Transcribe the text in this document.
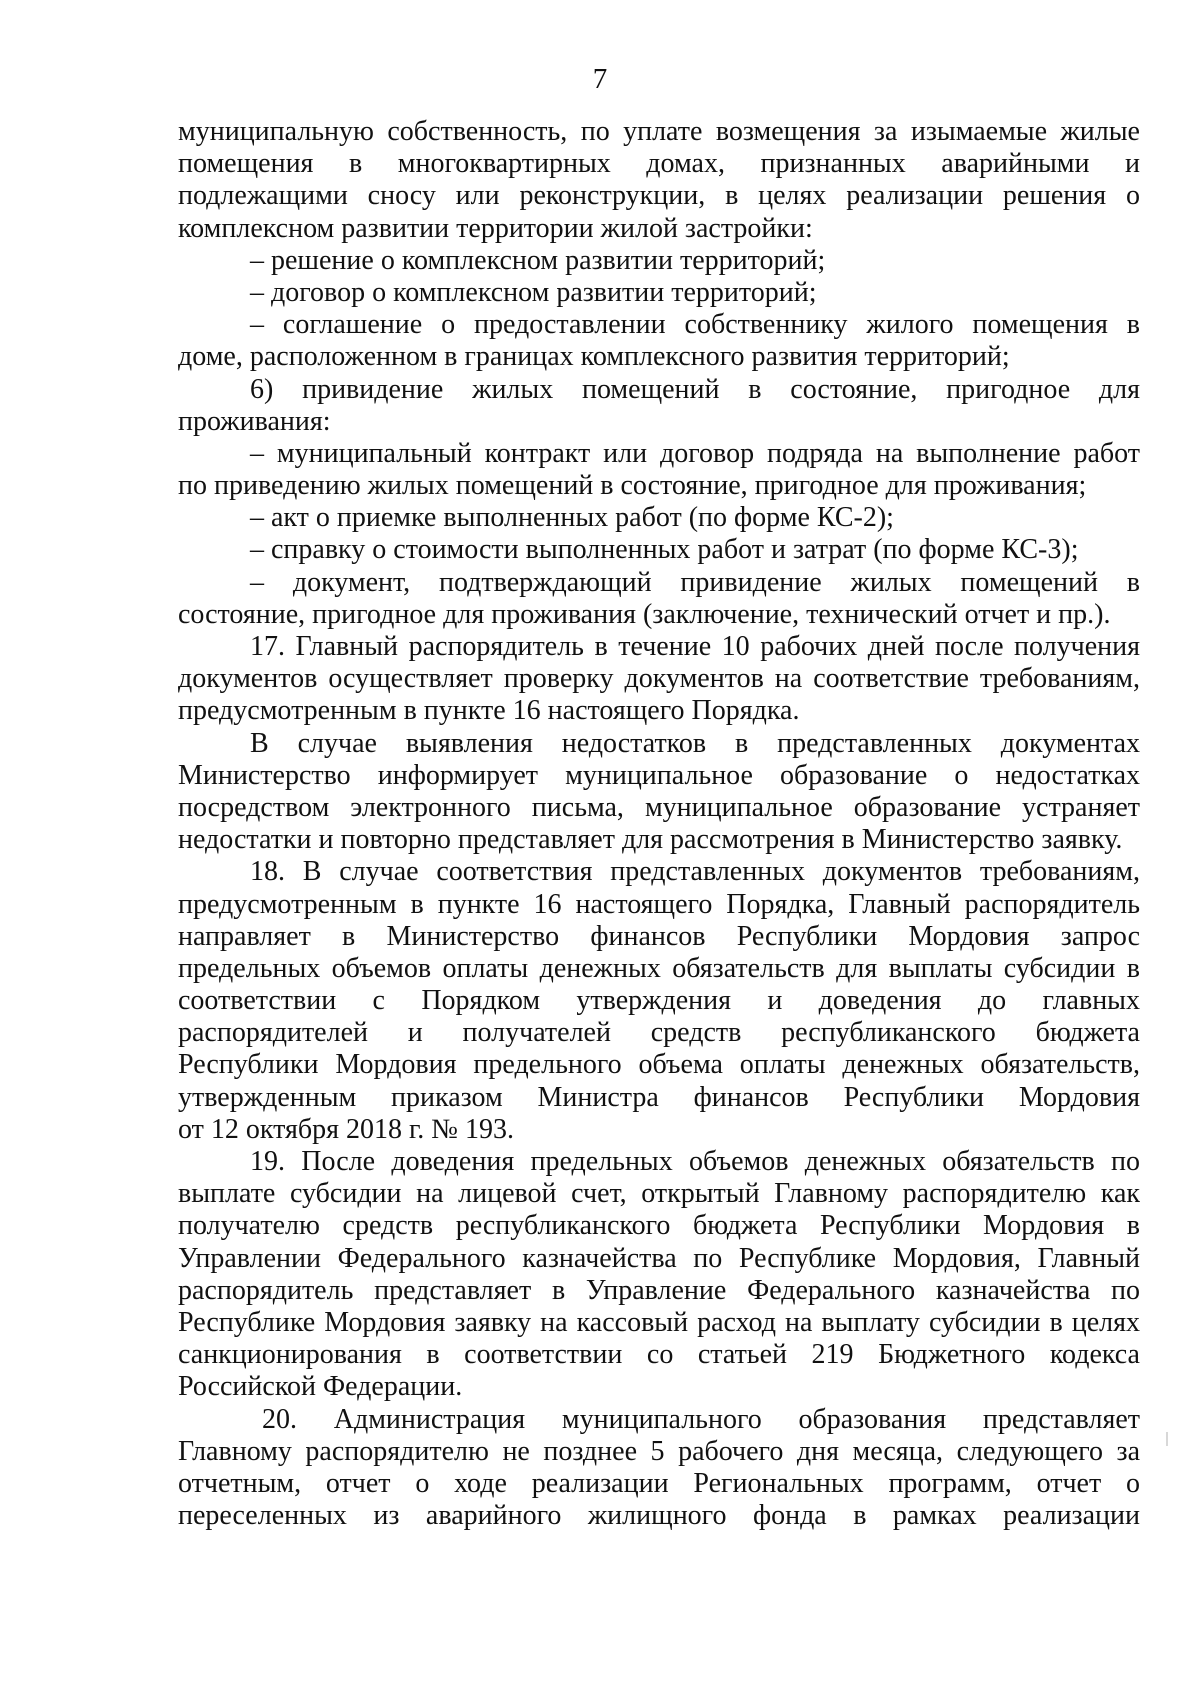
7
муниципальную собственность, по уплате возмещения за изымаемые жилые
помещения в многоквартирных домах, признанных аварийными и
подлежащими сносу или реконструкции, в целях реализации решения о
комплексном развитии территории жилой застройки:
– решение о комплексном развитии территорий;
– договор о комплексном развитии территорий;
– соглашение о предоставлении собственнику жилого помещения в
доме, расположенном в границах комплексного развития территорий;
6) привидение жилых помещений в состояние, пригодное для
проживания:
– муниципальный контракт или договор подряда на выполнение работ
по приведению жилых помещений в состояние, пригодное для проживания;
– акт о приемке выполненных работ (по форме КС-2);
– справку о стоимости выполненных работ и затрат (по форме КС-3);
– документ, подтверждающий привидение жилых помещений в
состояние, пригодное для проживания (заключение, технический отчет и пр.).
17. Главный распорядитель в течение 10 рабочих дней после получения
документов осуществляет проверку документов на соответствие требованиям,
предусмотренным в пункте 16 настоящего Порядка.
В случае выявления недостатков в представленных документах
Министерство информирует муниципальное образование о недостатках
посредством электронного письма, муниципальное образование устраняет
недостатки и повторно представляет для рассмотрения в Министерство заявку.
18. В случае соответствия представленных документов требованиям,
предусмотренным в пункте 16 настоящего Порядка, Главный распорядитель
направляет в Министерство финансов Республики Мордовия запрос
предельных объемов оплаты денежных обязательств для выплаты субсидии в
соответствии с Порядком утверждения и доведения до главных
распорядителей и получателей средств республиканского бюджета
Республики Мордовия предельного объема оплаты денежных обязательств,
утвержденным приказом Министра финансов Республики Мордовия
от 12 октября 2018 г. № 193.
19. После доведения предельных объемов денежных обязательств по
выплате субсидии на лицевой счет, открытый Главному распорядителю как
получателю средств республиканского бюджета Республики Мордовия в
Управлении Федерального казначейства по Республике Мордовия, Главный
распорядитель представляет в Управление Федерального казначейства по
Республике Мордовия заявку на кассовый расход на выплату субсидии в целях
санкционирования в соответствии со статьей 219 Бюджетного кодекса
Российской Федерации.
20. Администрация муниципального образования представляет
Главному распорядителю не позднее 5 рабочего дня месяца, следующего за
отчетным, отчет о ходе реализации Региональных программ, отчет о
переселенных из аварийного жилищного фонда в рамках реализации
